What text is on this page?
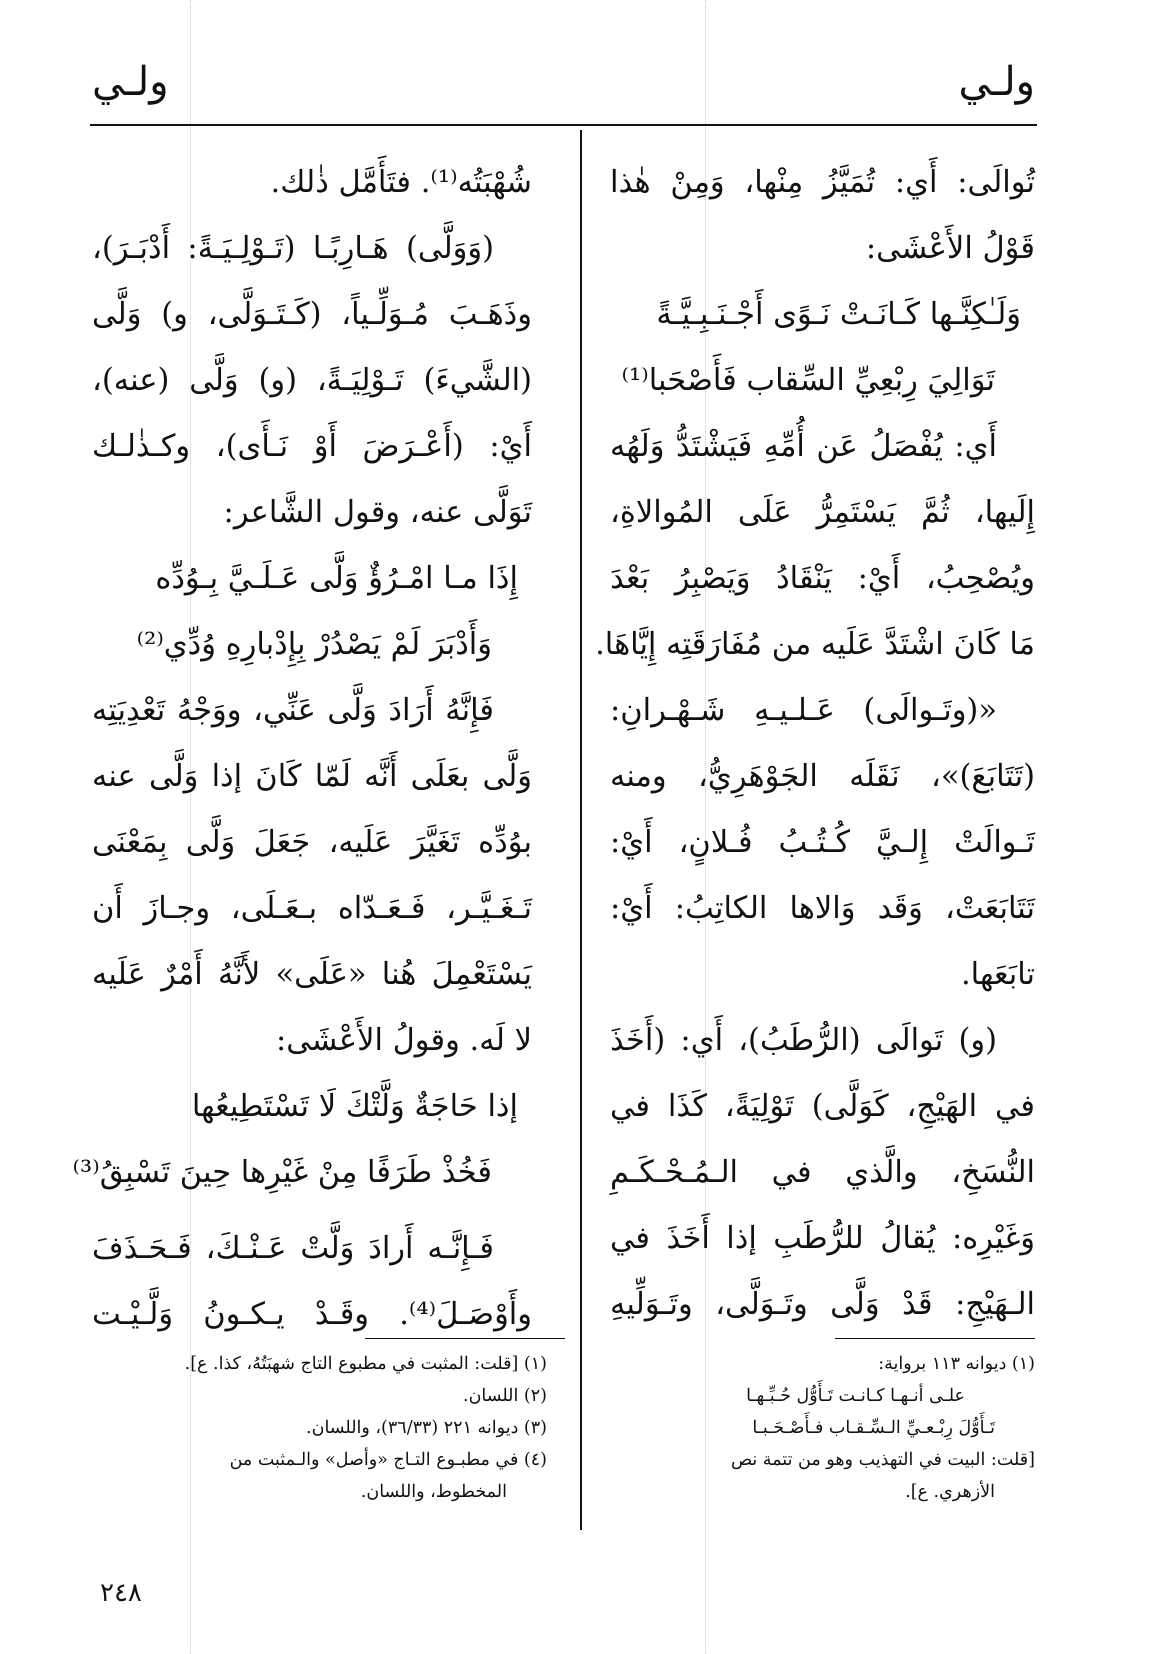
ولـي
ولـي
تُوالَى: أَي: تُمَيَّزُ مِنْها، وَمِنْ هٰذا
قَوْلُ الأَعْشَى:
وَلَـٰكِنَّـها كَـانَـتْ نَـوًى أَجْـنَـبِـيَّـةً
تَوَالِيَ رِبْعِيِّ السِّقاب فَأَصْحَبا⁽¹⁾
أَي: يُفْصَلُ عَن أُمِّهِ فَيَشْتَدُّ وَلَهُه
إِلَيها، ثُمَّ يَسْتَمِرُّ عَلَى المُوالاةِ،
ويُصْحِبُ، أَيْ: يَنْقَادُ وَيَصْبِرُ بَعْدَ
مَا كَانَ اشْتَدَّ عَلَيه من مُفَارَقَتِه إِيَّاهَا.
«(وتَـوالَى) عَـلـيـهِ شَـهْـرانِ:
(تَتَابَعَ)»، نَقَلَه الجَوْهَرِيُّ، ومنه
تَـوالَتْ إِلـيَّ كُـتُـبُ فُـلانٍ، أَيْ:
تَتَابَعَتْ، وَقَد وَالاها الكاتِبُ: أَيْ:
تابَعَها.
(و) تَوالَى (الرُّطَبُ)، أَي: (أَخَذَ
في الهَيْجِ، كَوَلَّى) تَوْلِيَةً، كَذَا في
النُّسَخِ، والَّذي في الـمُـحْـكَـمِ
وَغَيْرِه: يُقالُ للرُّطَبِ إذا أَخَذَ في
الـهَيْجِ: قَدْ وَلَّى وتَـوَلَّى، وتَـوَلِّيهِ
شُهْبَتُه⁽¹⁾. فتَأَمَّل ذٰلك.
(وَوَلَّى) هَـارِبًـا (تَـوْلِـيَـةً: أَدْبَـرَ)،
وذَهَـبَ مُـوَلِّـياً، (كَـتَـوَلَّى، و) وَلَّى
(الشَّيءَ) تَـوْلِيَـةً، (و) وَلَّى (عنه)،
أَيْ: (أَعْـرَضَ أَوْ نَـأَى)، وكـذٰلـك
تَوَلَّى عنه، وقول الشَّاعر:
إِذَا مـا امْـرُؤٌ وَلَّى عَـلَـيَّ بِـوُدِّه
وَأَدْبَرَ لَمْ يَصْدُرْ بِإِدْبارِهِ وُدِّي⁽²⁾
فَإِنَّهُ أَرَادَ وَلَّى عَنِّي، ووَجْهُ تَعْدِيَتِه
وَلَّى بعَلَى أَنَّه لَمّا كَانَ إذا وَلَّى عنه
بوُدِّه تَغَيَّرَ عَلَيه، جَعَلَ وَلَّى بِمَعْنَى
تَـغَـيَّـر، فَـعَـدّاه بـعَـلَى، وجـازَ أَن
يَسْتَعْمِلَ هُنا «عَلَى» لأَنَّهُ أَمْرٌ عَلَيه
لا لَه. وقولُ الأَعْشَى:
إذا حَاجَةٌ وَلَّتْكَ لَا تَسْتَطِيعُها
فَخُذْ طَرَفًا مِنْ غَيْرِها حِينَ تَسْبِقُ⁽³⁾
فَـإِنَّـه أَرادَ وَلَّتْ عَـنْـكَ، فَـحَـذَفَ
وأَوْصَـلَ⁽⁴⁾. وقَـدْ يـكـونُ وَلَّـيْـت
(١) [قلت: المثبت في مطبوع التاج شهبَتُهُ، كذا. ع].
(٢) اللسان.
(٣) ديوانه ٢٢١ (٣٦/٣٣)، واللسان.
(٤) في مطبـوع التـاج «وأصل» والـمثبت من
المخطوط، واللسان.
(١) ديوانه ١١٣ برواية:
علـى أنـهـا كـانـت تَـأَوُّل حُـبِّـهـا
تَـأَوُّلَ رِبْـعـيِّ الـسِّـقـاب فـأَصْـحَـبـا
[قلت: البيت في التهذيب وهو من تتمة نص
الأزهري. ع].
٢٤٨
